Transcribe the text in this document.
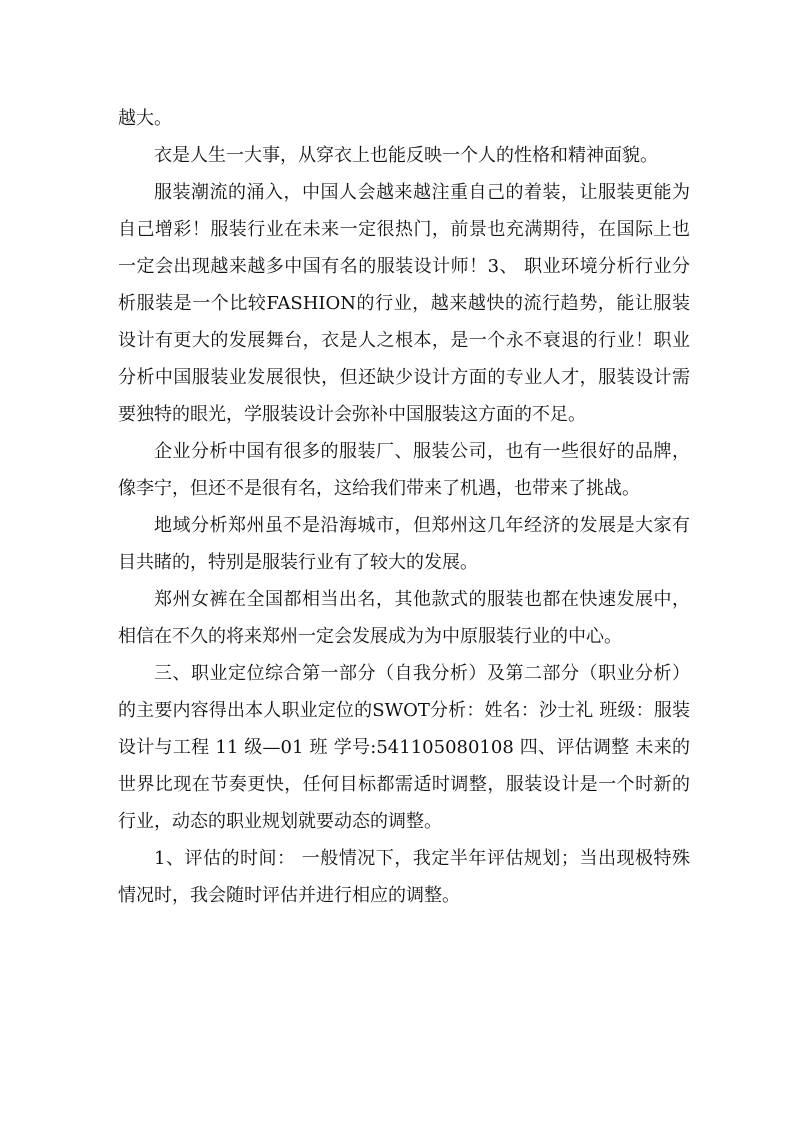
越大。

衣是人生一大事，从穿衣上也能反映一个人的性格和精神面貌。

服装潮流的涌入，中国人会越来越注重自己的着装，让服装更能为自己增彩！服装行业在未来一定很热门，前景也充满期待，在国际上也一定会出现越来越多中国有名的服装设计师！3、 职业环境分析行业分析服装是一个比较FASHION的行业，越来越快的流行趋势，能让服装设计有更大的发展舞台，衣是人之根本，是一个永不衰退的行业！职业分析中国服装业发展很快，但还缺少设计方面的专业人才，服装设计需要独特的眼光，学服装设计会弥补中国服装这方面的不足。

企业分析中国有很多的服装厂、服装公司，也有一些很好的品牌，像李宁，但还不是很有名，这给我们带来了机遇，也带来了挑战。

地域分析郑州虽不是沿海城市，但郑州这几年经济的发展是大家有目共睹的，特别是服装行业有了较大的发展。

郑州女裤在全国都相当出名，其他款式的服装也都在快速发展中，相信在不久的将来郑州一定会发展成为为中原服装行业的中心。

三、职业定位综合第一部分（自我分析）及第二部分（职业分析）的主要内容得出本人职业定位的SWOT分析：姓名：沙士礼 班级：服装设计与工程 11 级—01 班 学号:541105080108 四、评估调整 未来的世界比现在节奏更快，任何目标都需适时调整，服装设计是一个时新的行业，动态的职业规划就要动态的调整。

1、评估的时间： 一般情况下，我定半年评估规划；当出现极特殊情况时，我会随时评估并进行相应的调整。
